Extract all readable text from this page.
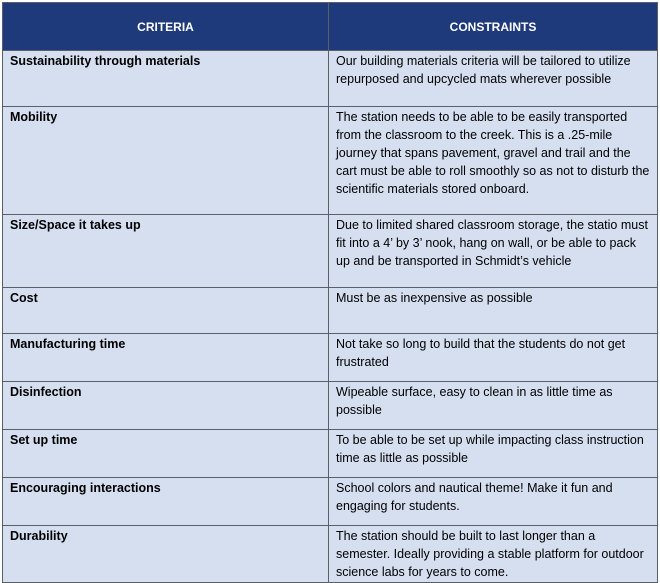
CRITERIA	CONSTRAINTS
Sustainability through materials	Our building materials criteria will be tailored to utilize repurposed and upcycled mats wherever possible
Mobility	The station needs to be able to be easily transported from the classroom to the creek. This is a .25-mile journey that spans pavement, gravel and trail and the cart must be able to roll smoothly so as not to disturb the scientific materials stored onboard.
Size/Space it takes up	Due to limited shared classroom storage, the statio must fit into a 4’ by 3’ nook, hang on wall, or be able to pack up and be transported in Schmidt’s vehicle
Cost	Must be as inexpensive as possible
Manufacturing time	Not take so long to build that the students do not get frustrated
Disinfection	Wipeable surface, easy to clean in as little time as possible
Set up time	To be able to be set up while impacting class instruction time as little as possible
Encouraging interactions	School colors and nautical theme! Make it fun and engaging for students.
Durability	The station should be built to last longer than a semester. Ideally providing a stable platform for outdoor science labs for years to come.
